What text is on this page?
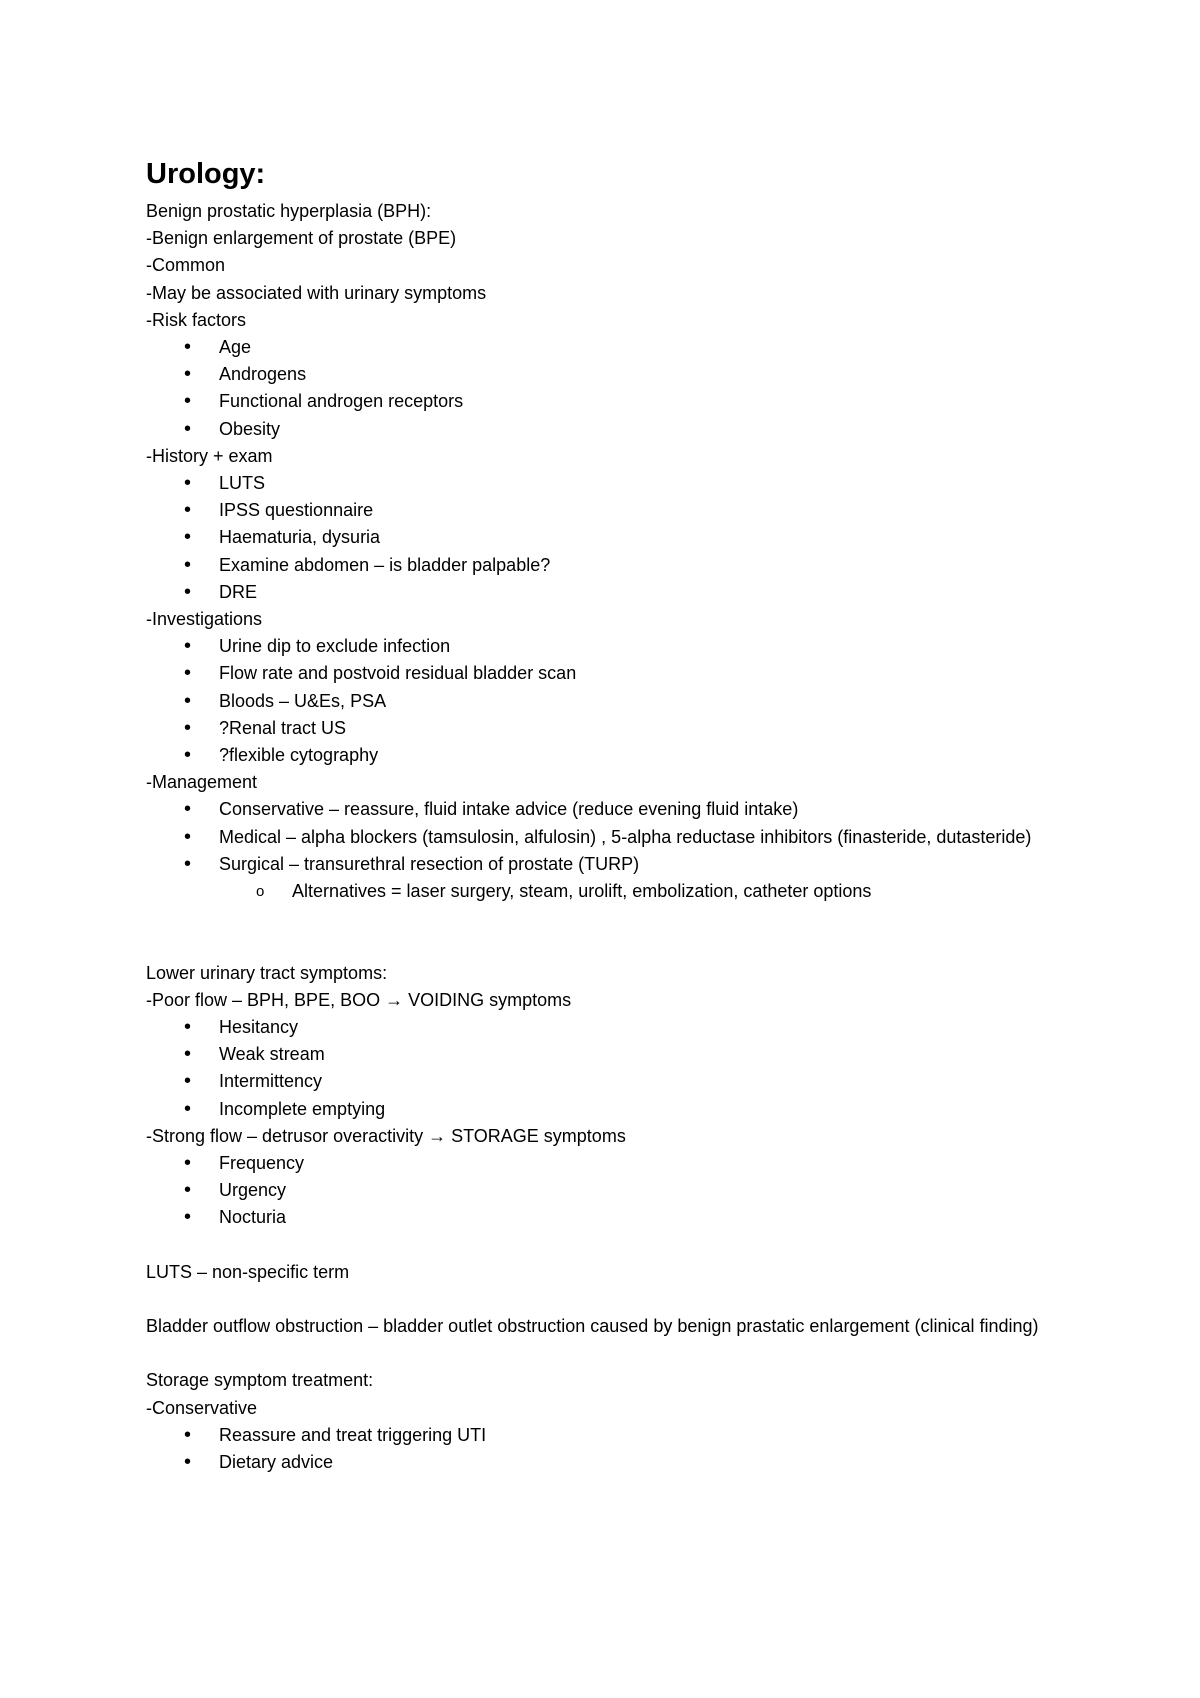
Urology:
Benign prostatic hyperplasia (BPH):
-Benign enlargement of prostate (BPE)
-Common
-May be associated with urinary symptoms
-Risk factors
• Age
• Androgens
• Functional androgen receptors
• Obesity
-History + exam
• LUTS
• IPSS questionnaire
• Haematuria, dysuria
• Examine abdomen – is bladder palpable?
• DRE
-Investigations
• Urine dip to exclude infection
• Flow rate and postvoid residual bladder scan
• Bloods – U&Es, PSA
• ?Renal tract US
• ?flexible cytography
-Management
• Conservative – reassure, fluid intake advice (reduce evening fluid intake)
• Medical – alpha blockers (tamsulosin, alfulosin) , 5-alpha reductase inhibitors (finasteride, dutasteride)
• Surgical – transurethral resection of prostate (TURP)
o Alternatives = laser surgery, steam, urolift, embolization, catheter options
Lower urinary tract symptoms:
-Poor flow – BPH, BPE, BOO → VOIDING symptoms
• Hesitancy
• Weak stream
• Intermittency
• Incomplete emptying
-Strong flow – detrusor overactivity → STORAGE symptoms
• Frequency
• Urgency
• Nocturia
LUTS – non-specific term
Bladder outflow obstruction – bladder outlet obstruction caused by benign prastatic enlargement (clinical finding)
Storage symptom treatment:
-Conservative
• Reassure and treat triggering UTI
• Dietary advice
